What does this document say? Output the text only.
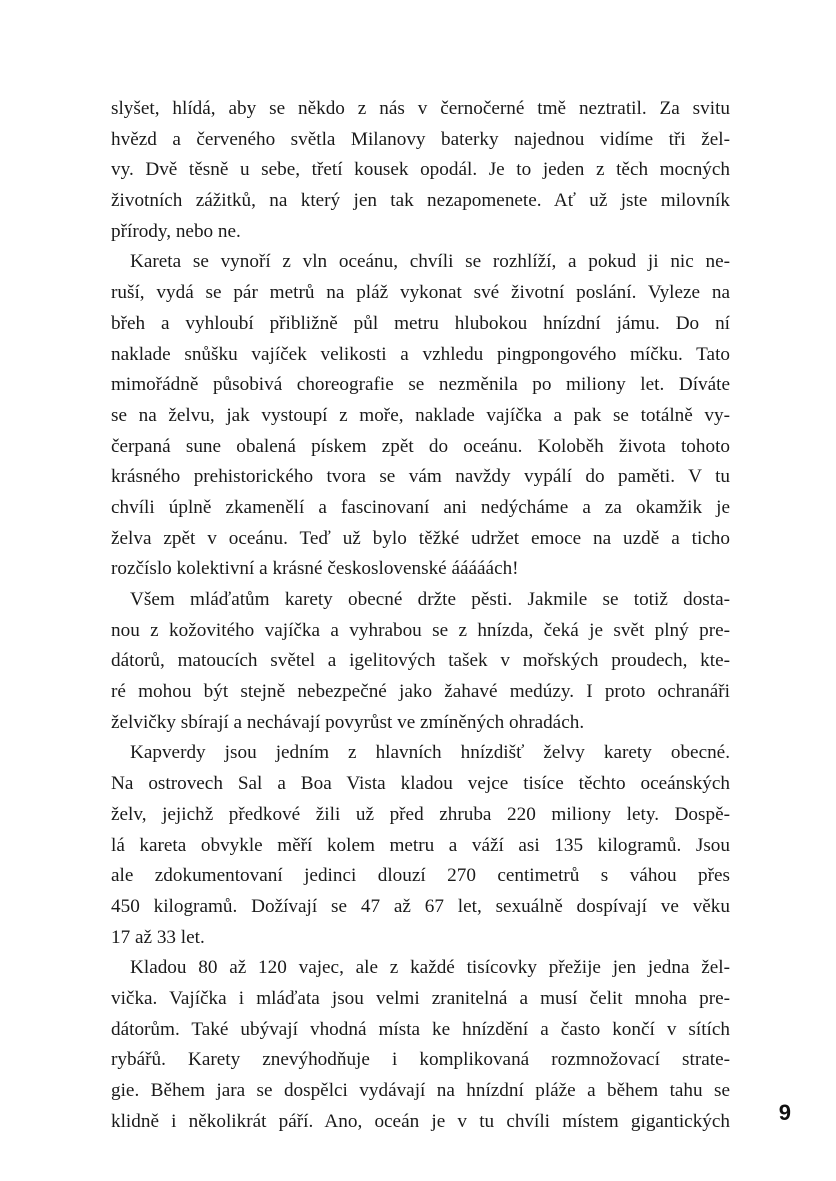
slyšet, hlídá, aby se někdo z nás v černočerné tmě neztratil. Za svitu
hvězd a červeného světla Milanovy baterky najednou vidíme tři žel-
vy. Dvě těsně u sebe, třetí kousek opodál. Je to jeden z těch mocných
životních zážitků, na který jen tak nezapomenete. Ať už jste milovník
přírody, nebo ne.
Kareta se vynoří z vln oceánu, chvíli se rozhlíží, a pokud ji nic ne-
ruší, vydá se pár metrů na pláž vykonat své životní poslání. Vyleze na
břeh a vyhloubí přibližně půl metru hlubokou hnízdní jámu. Do ní
naklade snůšku vajíček velikosti a vzhledu pingpongového míčku. Tato
mimořádně působivá choreografie se nezměnila po miliony let. Díváte
se na želvu, jak vystoupí z moře, naklade vajíčka a pak se totálně vy-
čerpaná sune obalená pískem zpět do oceánu. Koloběh života tohoto
krásného prehistorického tvora se vám navždy vypálí do paměti. V tu
chvíli úplně zkamenělí a fascinovaní ani nedýcháme a za okamžik je
želva zpět v oceánu. Teď už bylo těžké udržet emoce na uzdě a ticho
rozčíslo kolektivní a krásné československé ááááách!
Všem mláďatům karety obecné držte pěsti. Jakmile se totiž dosta-
nou z kožovitého vajíčka a vyhrabou se z hnízda, čeká je svět plný pre-
dátorů, matoucích světel a igelitových tašek v mořských proudech, kte-
ré mohou být stejně nebezpečné jako žahavé medúzy. I proto ochranáři
želvičky sbírají a nechávají povyrůst ve zmíněných ohradách.
Kapverdy jsou jedním z hlavních hnízdišť želvy karety obecné.
Na ostrovech Sal a Boa Vista kladou vejce tisíce těchto oceánských
želv, jejichž předkové žili už před zhruba 220 miliony lety. Dospě-
lá kareta obvykle měří kolem metru a váží asi 135 kilogramů. Jsou
ale zdokumentovaní jedinci dlouzí 270 centimetrů s váhou přes
450 kilogramů. Dožívají se 47 až 67 let, sexuálně dospívají ve věku
17 až 33 let.
Kladou 80 až 120 vajec, ale z každé tisícovky přežije jen jedna žel-
vička. Vajíčka i mláďata jsou velmi zranitelná a musí čelit mnoha pre-
dátorům. Také ubývají vhodná místa ke hnízdění a často končí v sítích
rybářů. Karety znevýhodňuje i komplikovaná rozmnožovací strate-
gie. Během jara se dospělci vydávají na hnízdní pláže a během tahu se
klidně i několikrát páří. Ano, oceán je v tu chvíli místem gigantických	9
